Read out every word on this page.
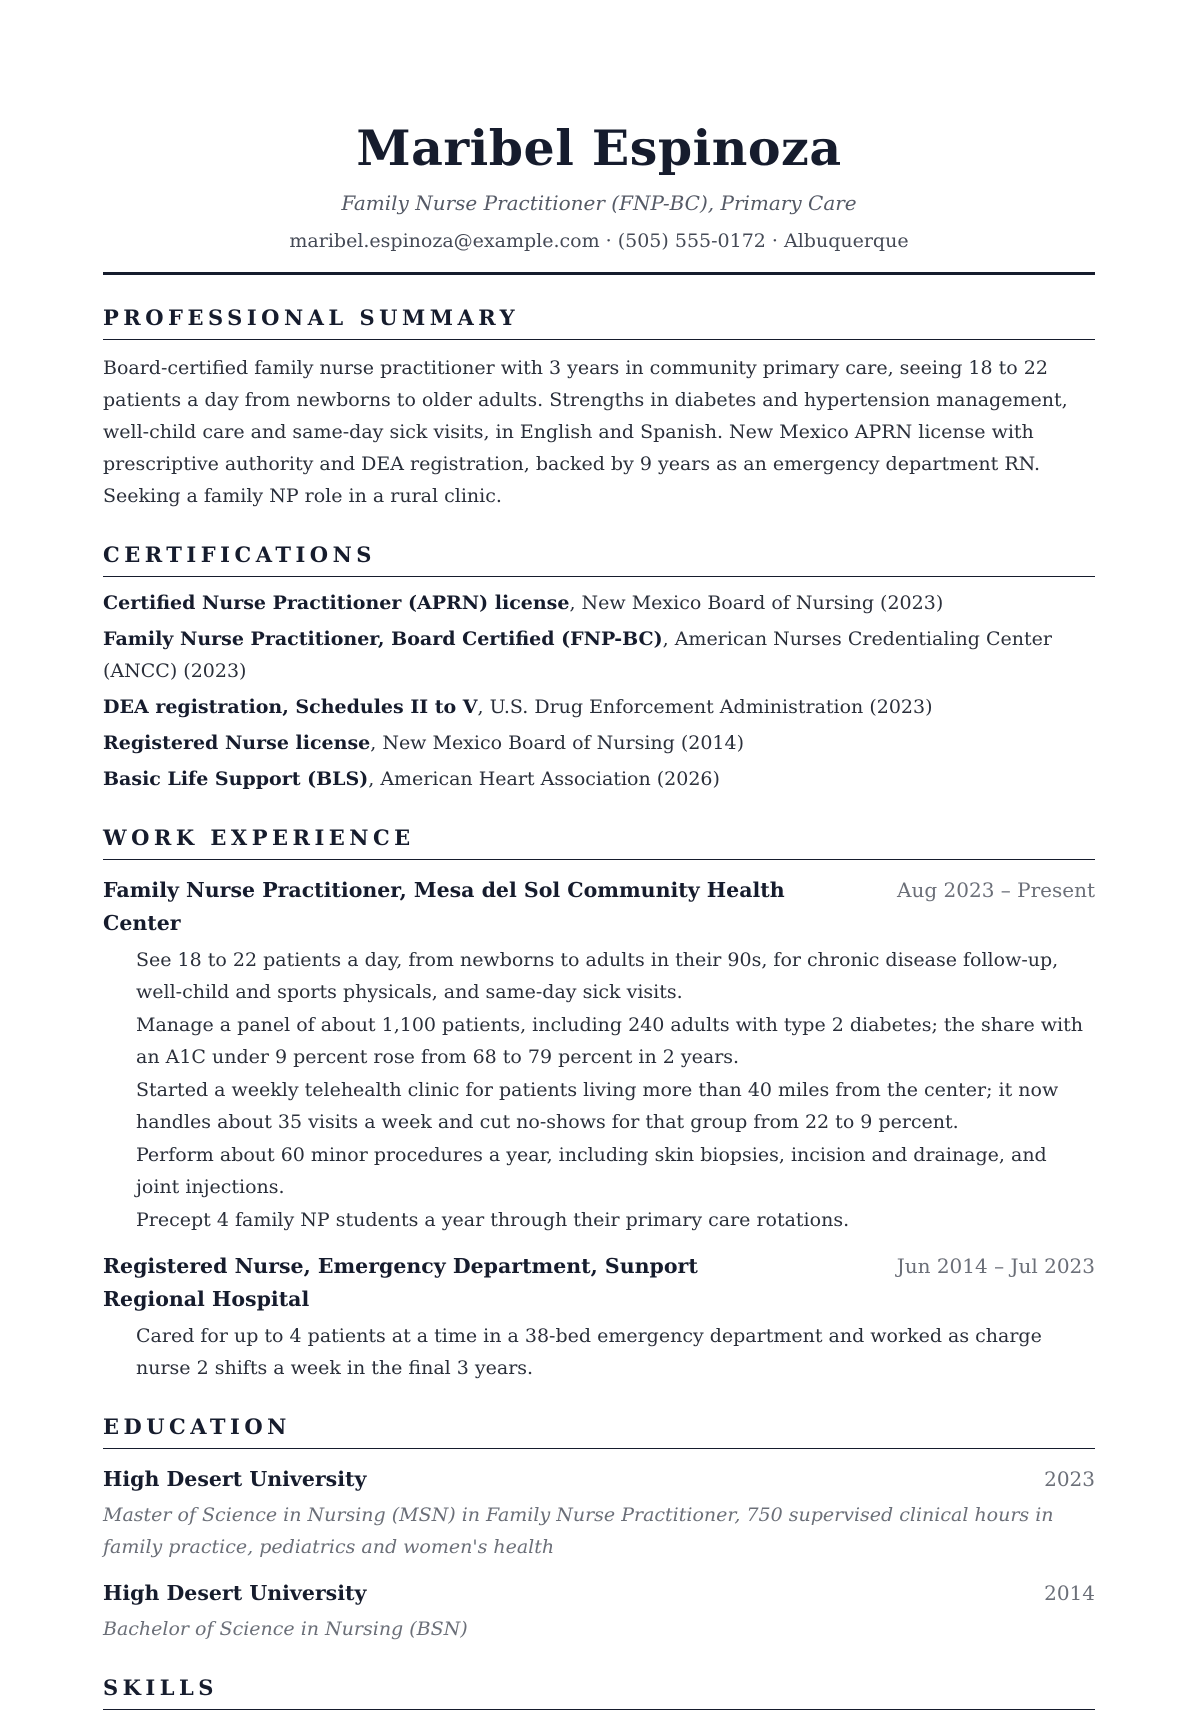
Maribel Espinoza
Family Nurse Practitioner (FNP-BC), Primary Care
maribel.espinoza@example.com · (505) 555-0172 · Albuquerque
PROFESSIONAL SUMMARY

Board-certified family nurse practitioner with 3 years in community primary care, seeing 18 to 22 patients a day from newborns to older adults. Strengths in diabetes and hypertension management, well-child care and same-day sick visits, in English and Spanish. New Mexico APRN license with prescriptive authority and DEA registration, backed by 9 years as an emergency department RN. Seeking a family NP role in a rural clinic.

CERTIFICATIONS
Certified Nurse Practitioner (APRN) license, New Mexico Board of Nursing (2023)
Family Nurse Practitioner, Board Certified (FNP-BC), American Nurses Credentialing Center (ANCC) (2023)
DEA registration, Schedules II to V, U.S. Drug Enforcement Administration (2023)
Registered Nurse license, New Mexico Board of Nursing (2014)
Basic Life Support (BLS), American Heart Association (2026)
WORK EXPERIENCE
Family Nurse Practitioner, Mesa del Sol Community Health Center
Aug 2023 – Present
See 18 to 22 patients a day, from newborns to adults in their 90s, for chronic disease follow-up, well-child and sports physicals, and same-day sick visits.
Manage a panel of about 1,100 patients, including 240 adults with type 2 diabetes; the share with an A1C under 9 percent rose from 68 to 79 percent in 2 years.
Started a weekly telehealth clinic for patients living more than 40 miles from the center; it now handles about 35 visits a week and cut no-shows for that group from 22 to 9 percent.
Perform about 60 minor procedures a year, including skin biopsies, incision and drainage, and joint injections.
Precept 4 family NP students a year through their primary care rotations.
Registered Nurse, Emergency Department, Sunport Regional Hospital
Jun 2014 – Jul 2023
Cared for up to 4 patients at a time in a 38-bed emergency department and worked as charge nurse 2 shifts a week in the final 3 years.
EDUCATION
High Desert University	2023
Master of Science in Nursing (MSN) in Family Nurse Practitioner, 750 supervised clinical hours in family practice, pediatrics and women's health
High Desert University	2014
Bachelor of Science in Nursing (BSN)
SKILLS
